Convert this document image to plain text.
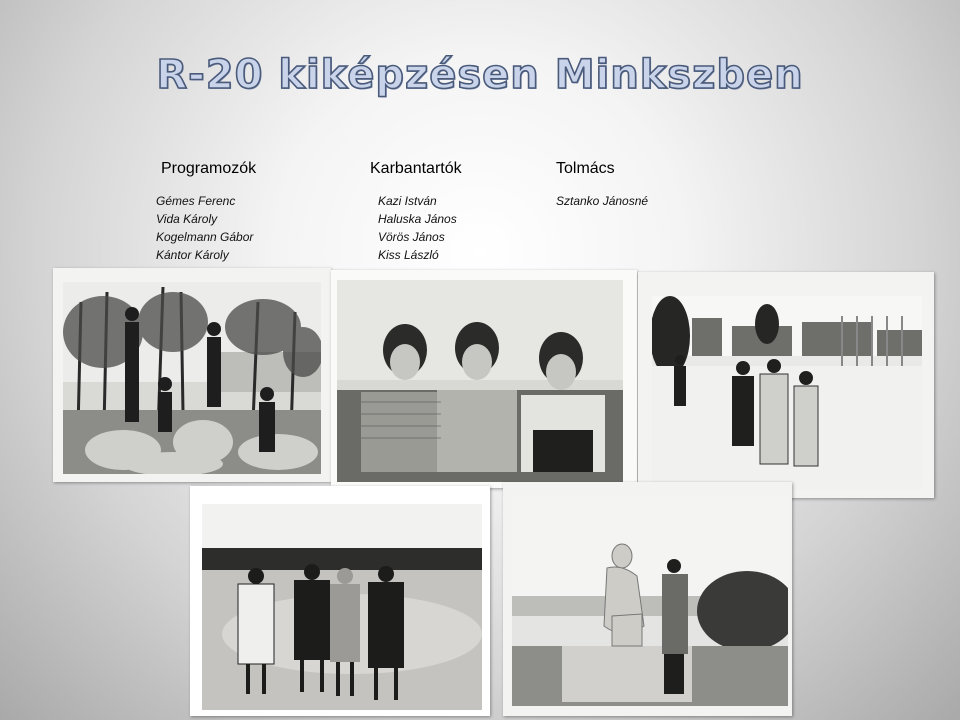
R-20 kiképzésen Minkszben
Programozók
Gémes Ferenc
Vida Károly
Kogelmann Gábor
Kántor Károly
Karbantartók
Kazi István
Haluska János
Vörös János
Kiss László
Tolmács
Sztanko Jánosné
